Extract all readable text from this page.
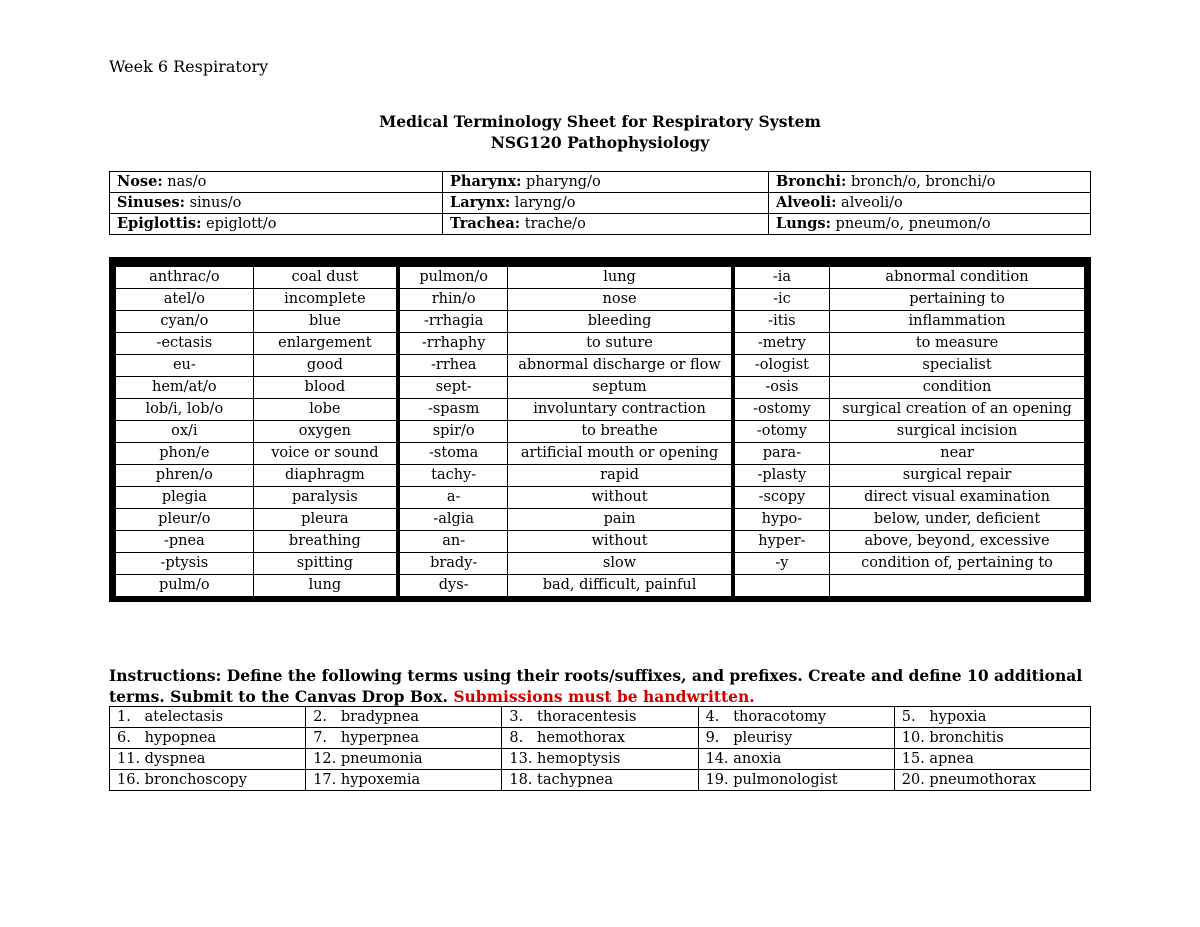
Week 6 Respiratory
Medical Terminology Sheet for Respiratory System
NSG120 Pathophysiology
Nose: nas/o	Pharynx: pharyng/o	Bronchi: bronch/o, bronchi/o
Sinuses: sinus/o	Larynx: laryng/o	Alveoli: alveoli/o
Epiglottis: epiglott/o	Trachea: trache/o	Lungs: pneum/o, pneumon/o
anthrac/o	coal dust	pulmon/o	lung	-ia	abnormal condition
atel/o	incomplete	rhin/o	nose	-ic	pertaining to
cyan/o	blue	-rrhagia	bleeding	-itis	inflammation
-ectasis	enlargement	-rrhaphy	to suture	-metry	to measure
eu-	good	-rrhea	abnormal discharge or flow	-ologist	specialist
hem/at/o	blood	sept-	septum	-osis	condition
lob/i, lob/o	lobe	-spasm	involuntary contraction	-ostomy	surgical creation of an opening
ox/i	oxygen	spir/o	to breathe	-otomy	surgical incision
phon/e	voice or sound	-stoma	artificial mouth or opening	para-	near
phren/o	diaphragm	tachy-	rapid	-plasty	surgical repair
plegia	paralysis	a-	without	-scopy	direct visual examination
pleur/o	pleura	-algia	pain	hypo-	below, under, deficient
-pnea	breathing	an-	without	hyper-	above, beyond, excessive
-ptysis	spitting	brady-	slow	-y	condition of, pertaining to
pulm/o	lung	dys-	bad, difficult, painful		
Instructions: Define the following terms using their roots/suffixes, and prefixes. Create and define 10 additional terms. Submit to the Canvas Drop Box. Submissions must be handwritten.
1.   atelectasis	2.   bradypnea	3.   thoracentesis	4.   thoracotomy	5.   hypoxia
6.   hypopnea	7.   hyperpnea	8.   hemothorax	9.   pleurisy	10. bronchitis
11. dyspnea	12. pneumonia	13. hemoptysis	14. anoxia	15. apnea
16. bronchoscopy	17. hypoxemia	18. tachypnea	19. pulmonologist	20. pneumothorax
